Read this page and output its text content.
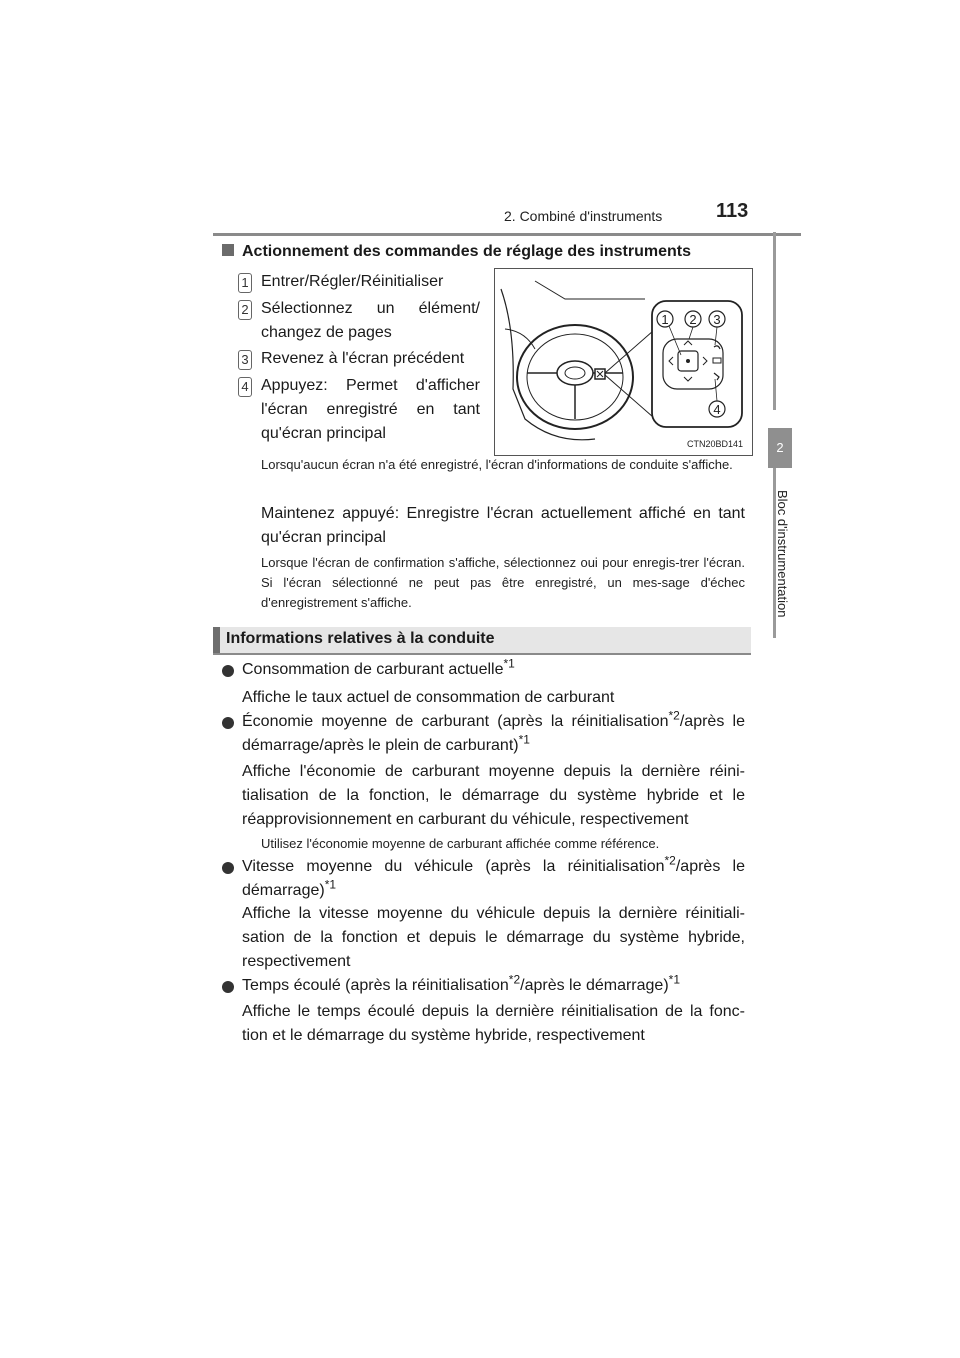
2. Combiné d'instruments	113
2
Bloc d'instrumentation
Actionnement des commandes de réglage des instruments
1 Entrer/Régler/Réinitialiser
2 Sélectionnez un élément/ changez de pages
3 Revenez à l'écran précédent
4 Appuyez: Permet d'afficher l'écran enregistré en tant qu'écran principal
1 2 3
4
CTN20BD141
Lorsqu'aucun écran n'a été enregistré, l'écran d'informations de conduite s'affiche.
Maintenez appuyé: Enregistre l'écran actuellement affiché en tant qu'écran principal
Lorsque l'écran de confirmation s'affiche, sélectionnez oui pour enregis-trer l'écran. Si l'écran sélectionné ne peut pas être enregistré, un mes-sage d'échec d'enregistrement s'affiche.
Informations relatives à la conduite
Consommation de carburant actuelle$^{*1}$
Affiche le taux actuel de consommation de carburant
Économie moyenne de carburant (après la réinitialisation$^{*2}$/après le démarrage/après le plein de carburant)$^{*1}$
Affiche l'économie de carburant moyenne depuis la dernière réini-tialisation de la fonction, le démarrage du système hybride et le réapprovisionnement en carburant du véhicule, respectivement
Utilisez l'économie moyenne de carburant affichée comme référence.
Vitesse moyenne du véhicule (après la réinitialisation$^{*2}$/après le démarrage)$^{*1}$
Affiche la vitesse moyenne du véhicule depuis la dernière réinitiali-sation de la fonction et depuis le démarrage du système hybride, respectivement
Temps écoulé (après la réinitialisation$^{*2}$/après le démarrage)$^{*1}$
Affiche le temps écoulé depuis la dernière réinitialisation de la fonc-tion et le démarrage du système hybride, respectivement
